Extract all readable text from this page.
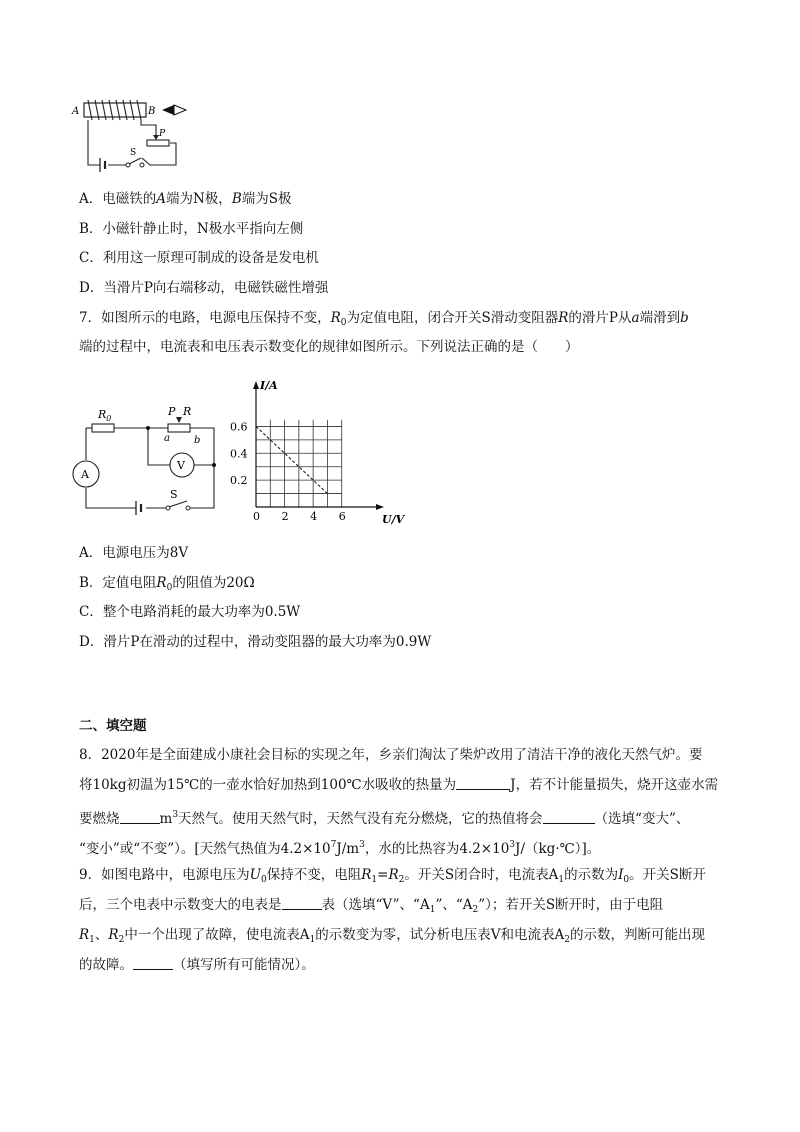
A	B
P
S
A．电磁铁的A端为N极，B端为S极
B．小磁针静止时，N极水平指向左侧
C．利用这一原理可制成的设备是发电机
D．当滑片P向右端移动，电磁铁磁性增强
7．如图所示的电路，电源电压保持不变，$R_0$为定值电阻，闭合开关S滑动变阻器R的滑片P从a端滑到b
端的过程中，电流表和电压表示数变化的规律如图所示。下列说法正确的是（　　）
$R_0$
P R
a b
V
A
S
0 2 4 6
0.2
0.4
0.6
U/V
I/A
A．电源电压为8V
B．定值电阻$R_0$的阻值为20Ω
C．整个电路消耗的最大功率为0.5W
D．滑片P在滑动的过程中，滑动变阻器的最大功率为0.9W
二、填空题
8．2020年是全面建成小康社会目标的实现之年，乡亲们淘汰了柴炉改用了清洁干净的液化天然气炉。要
将10kg初温为15℃的一壶水恰好加热到100℃水吸收的热量为	J，若不计能量损失，烧开这壶水需
要燃烧	$m^3$天然气。使用天然气时，天然气没有充分燃烧，它的热值将会	（选填“变大”、
“变小”或“不变”）。[天然气热值为$4.2\times 10^7J/m^3$，水的比热容为$4.2\times 10^3J/(kg\cdot℃)$]。
9．如图电路中，电源电压为$U_0$保持不变，电阻$R_1=R_2$。开关S闭合时，电流表$A_1$的示数为$I_0$。开关S断开
后，三个电表中示数变大的电表是	表（选填“V”、“$A_1$”、“$A_2$”）；若开关S断开时，由于电阻
$R_1$、$R_2$中一个出现了故障，使电流表$A_1$的示数变为零，试分析电压表V和电流表$A_2$的示数，判断可能出现
的故障。	（填写所有可能情况）。
